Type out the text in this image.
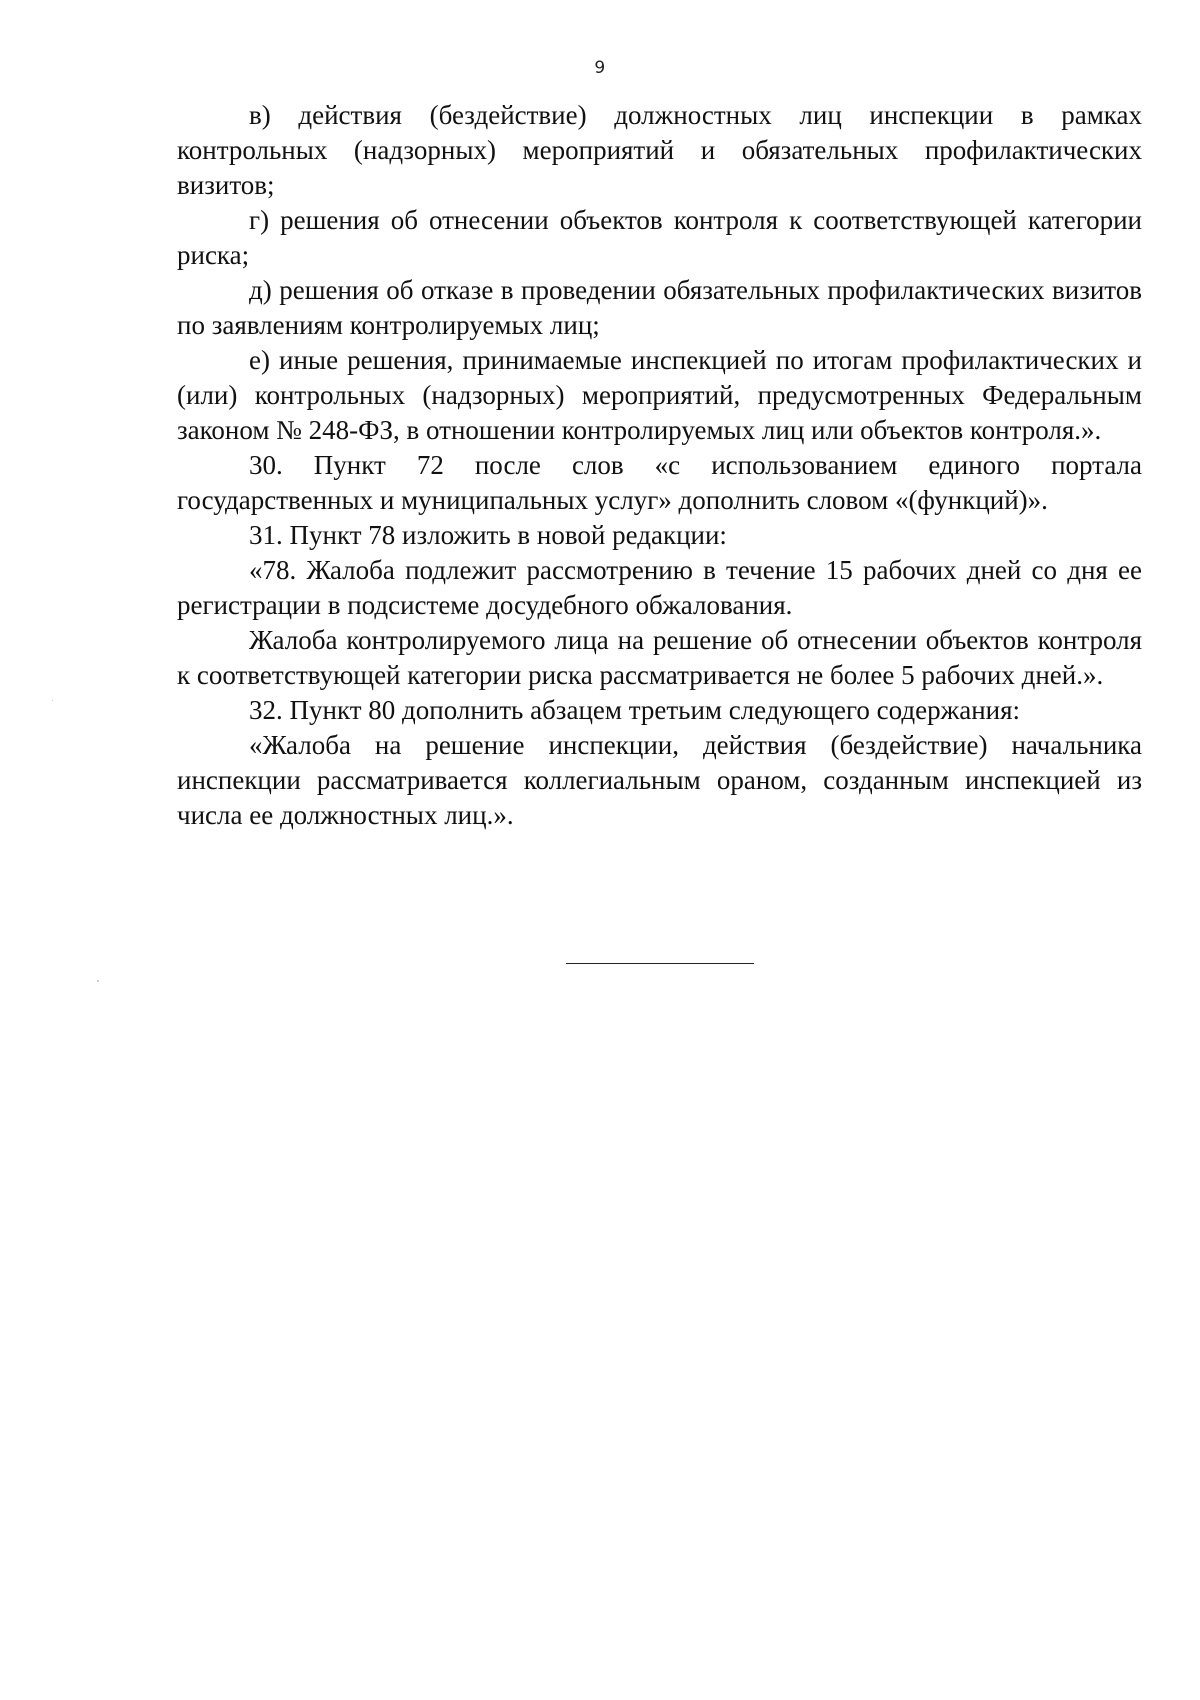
9

в) действия (бездействие) должностных лиц инспекции в рамках контрольных (надзорных) мероприятий и обязательных профилактических визитов;

г) решения об отнесении объектов контроля к соответствующей категории риска;

д) решения об отказе в проведении обязательных профилактических визитов по заявлениям контролируемых лиц;

е) иные решения, принимаемые инспекцией по итогам профилактических и (или) контрольных (надзорных) мероприятий, предусмотренных Федеральным законом № 248-ФЗ, в отношении контролируемых лиц или объектов контроля.».

30. Пункт 72 после слов «с использованием единого портала государственных и муниципальных услуг» дополнить словом «(функций)».

31. Пункт 78 изложить в новой редакции:

«78. Жалоба подлежит рассмотрению в течение 15 рабочих дней со дня ее регистрации в подсистеме досудебного обжалования.

Жалоба контролируемого лица на решение об отнесении объектов контроля к соответствующей категории риска рассматривается не более 5 рабочих дней.».

32. Пункт 80 дополнить абзацем третьим следующего содержания:

«Жалоба на решение инспекции, действия (бездействие) начальника инспекции рассматривается коллегиальным ораном, созданным инспекцией из числа ее должностных лиц.».
